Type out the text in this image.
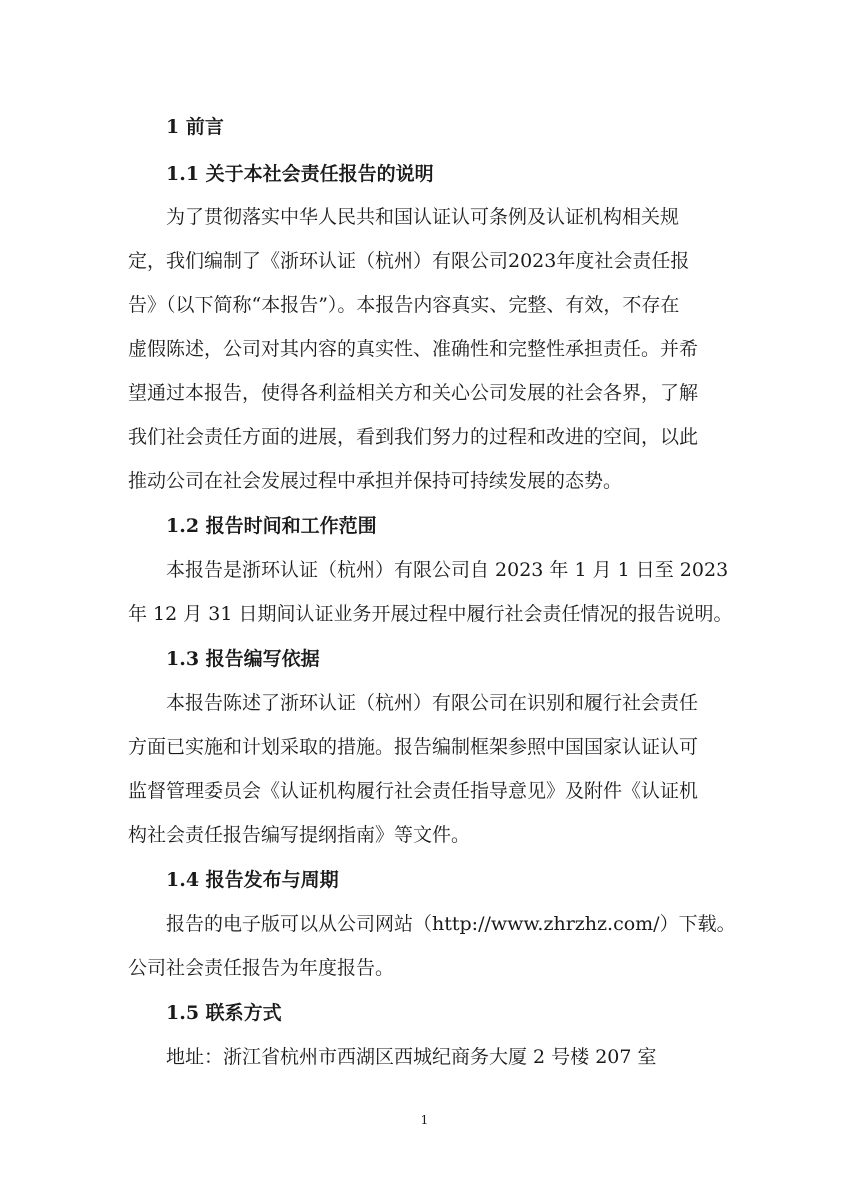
1 前言
1.1 关于本社会责任报告的说明
为了贯彻落实中华人民共和国认证认可条例及认证机构相关规
定，我们编制了《浙环认证（杭州）有限公司2023年度社会责任报
告》（以下简称“本报告”）。本报告内容真实、完整、有效，不存在
虚假陈述，公司对其内容的真实性、准确性和完整性承担责任。并希
望通过本报告，使得各利益相关方和关心公司发展的社会各界，了解
我们社会责任方面的进展，看到我们努力的过程和改进的空间，以此
推动公司在社会发展过程中承担并保持可持续发展的态势。
1.2 报告时间和工作范围
本报告是浙环认证（杭州）有限公司自 2023 年 1 月 1 日至 2023
年 12 月 31 日期间认证业务开展过程中履行社会责任情况的报告说明。
1.3 报告编写依据
本报告陈述了浙环认证（杭州）有限公司在识别和履行社会责任
方面已实施和计划采取的措施。报告编制框架参照中国国家认证认可
监督管理委员会《认证机构履行社会责任指导意见》及附件《认证机
构社会责任报告编写提纲指南》等文件。
1.4 报告发布与周期
报告的电子版可以从公司网站（http://www.zhrzhz.com/）下载。
公司社会责任报告为年度报告。
1.5 联系方式
地址：浙江省杭州市西湖区西城纪商务大厦 2 号楼 207 室
1
